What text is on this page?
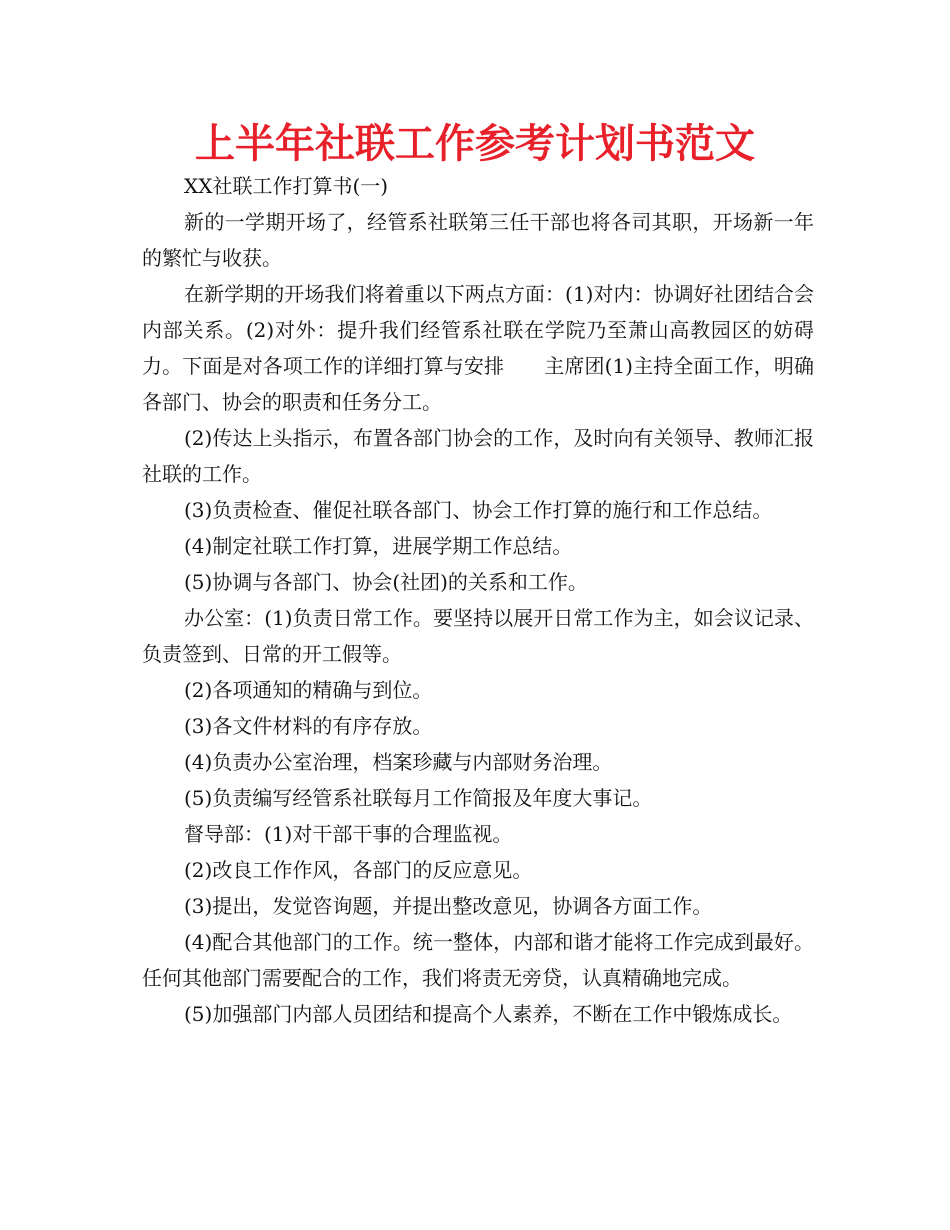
上半年社联工作参考计划书范文

XX社联工作打算书(一)

新的一学期开场了，经管系社联第三任干部也将各司其职，开场新一年的繁忙与收获。

在新学期的开场我们将着重以下两点方面：(1)对内：协调好社团结合会内部关系。(2)对外：提升我们经管系社联在学院乃至萧山高教园区的妨碍力。下面是对各项工作的详细打算与安排　　主席团(1)主持全面工作，明确各部门、协会的职责和任务分工。

(2)传达上头指示，布置各部门协会的工作，及时向有关领导、教师汇报社联的工作。

(3)负责检查、催促社联各部门、协会工作打算的施行和工作总结。

(4)制定社联工作打算，进展学期工作总结。

(5)协调与各部门、协会(社团)的关系和工作。

办公室：(1)负责日常工作。要坚持以展开日常工作为主，如会议记录、负责签到、日常的开工假等。

(2)各项通知的精确与到位。

(3)各文件材料的有序存放。

(4)负责办公室治理，档案珍藏与内部财务治理。

(5)负责编写经管系社联每月工作简报及年度大事记。

督导部：(1)对干部干事的合理监视。

(2)改良工作作风，各部门的反应意见。

(3)提出，发觉咨询题，并提出整改意见，协调各方面工作。

(4)配合其他部门的工作。统一整体，内部和谐才能将工作完成到最好。任何其他部门需要配合的工作，我们将责无旁贷，认真精确地完成。

(5)加强部门内部人员团结和提高个人素养，不断在工作中锻炼成长。
